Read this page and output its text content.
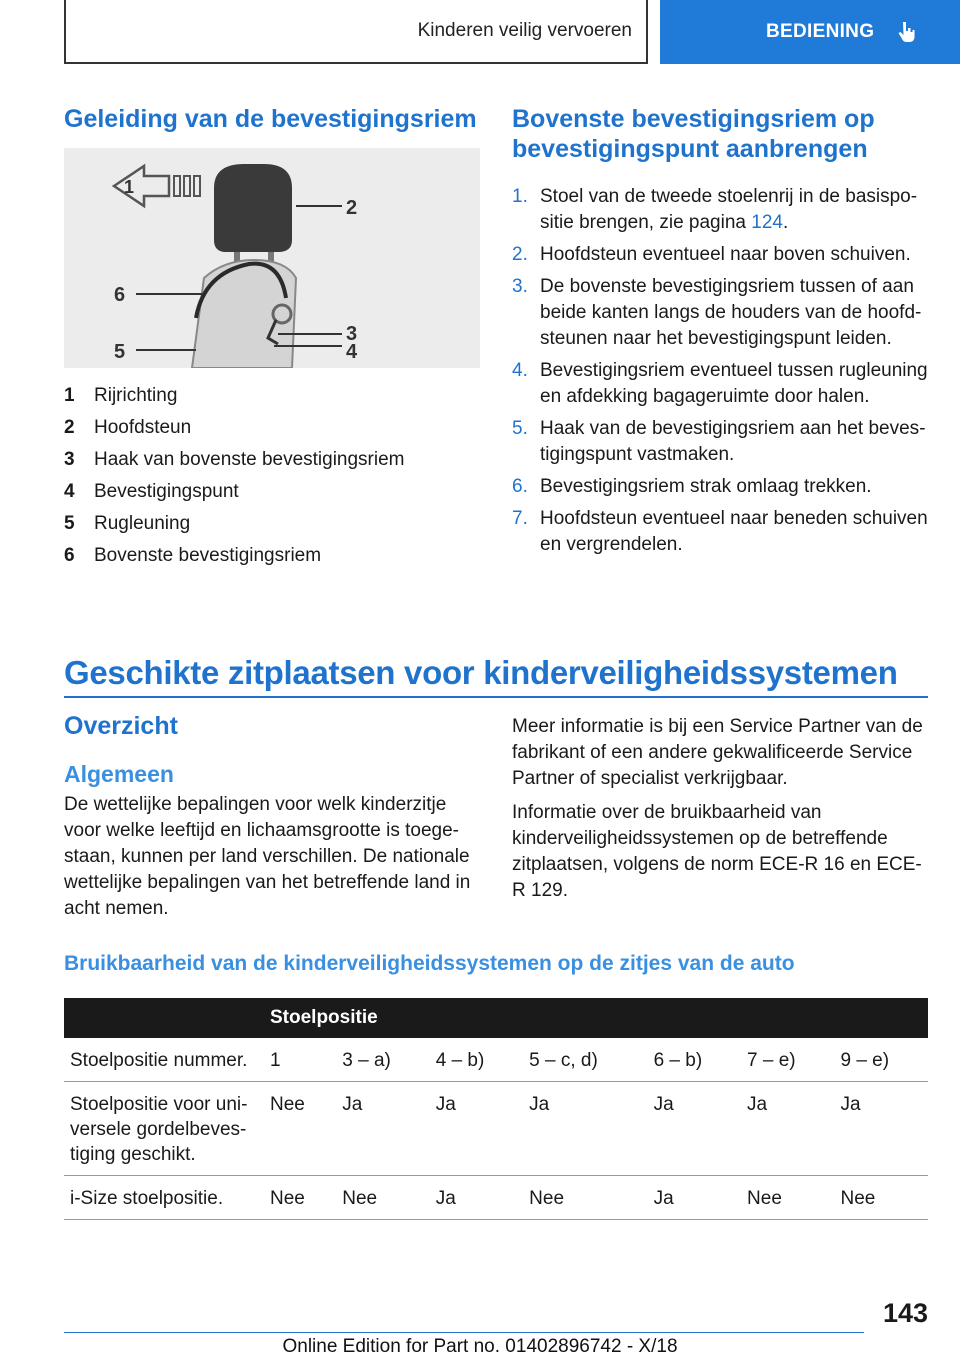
Kinderen veilig vervoeren	BEDIENING
Geleiding van de bevestigingsriem
1
2
3
4
5
6
1	Rijrichting
2	Hoofdsteun
3	Haak van bovenste bevestigingsriem
4	Bevestigingspunt
5	Rugleuning
6	Bovenste bevestigingsriem
Bovenste bevestigingsriem op bevestigingspunt aanbrengen
1. Stoel van de tweede stoelenrij in de basispositie brengen, zie pagina 124.
2. Hoofdsteun eventueel naar boven schuiven.
3. De bovenste bevestigingsriem tussen of aan beide kanten langs de houders van de hoofdsteunen naar het bevestigingspunt leiden.
4. Bevestigingsriem eventueel tussen rugleuning en afdekking bagageruimte door halen.
5. Haak van de bevestigingsriem aan het bevestigingspunt vastmaken.
6. Bevestigingsriem strak omlaag trekken.
7. Hoofdsteun eventueel naar beneden schuiven en vergrendelen.
Geschikte zitplaatsen voor kinderveiligheidssystemen
Overzicht
Algemeen

De wettelijke bepalingen voor welk kinderzitje voor welke leeftijd en lichaamsgrootte is toegestaan, kunnen per land verschillen. De nationale wettelijke bepalingen van het betreffende land in acht nemen.

Meer informatie is bij een Service Partner van de fabrikant of een andere gekwalificeerde Service Partner of specialist verkrijgbaar.

Informatie over de bruikbaarheid van kinderveiligheidssystemen op de betreffende zitplaatsen, volgens de norm ECE-R 16 en ECE-R 129.

Bruikbaarheid van de kinderveiligheidssystemen op de zitjes van de auto
	Stoelpositie						
Stoelpositie nummer.	1	3 – a)	4 – b)	5 – c, d)	6 – b)	7 – e)	9 – e)
Stoelpositie voor universele gordelbevestiging geschikt.	Nee	Ja	Ja	Ja	Ja	Ja	Ja
i-Size stoelpositie.	Nee	Nee	Ja	Nee	Ja	Nee	Nee
143
Online Edition for Part no. 01402896742 - X/18
